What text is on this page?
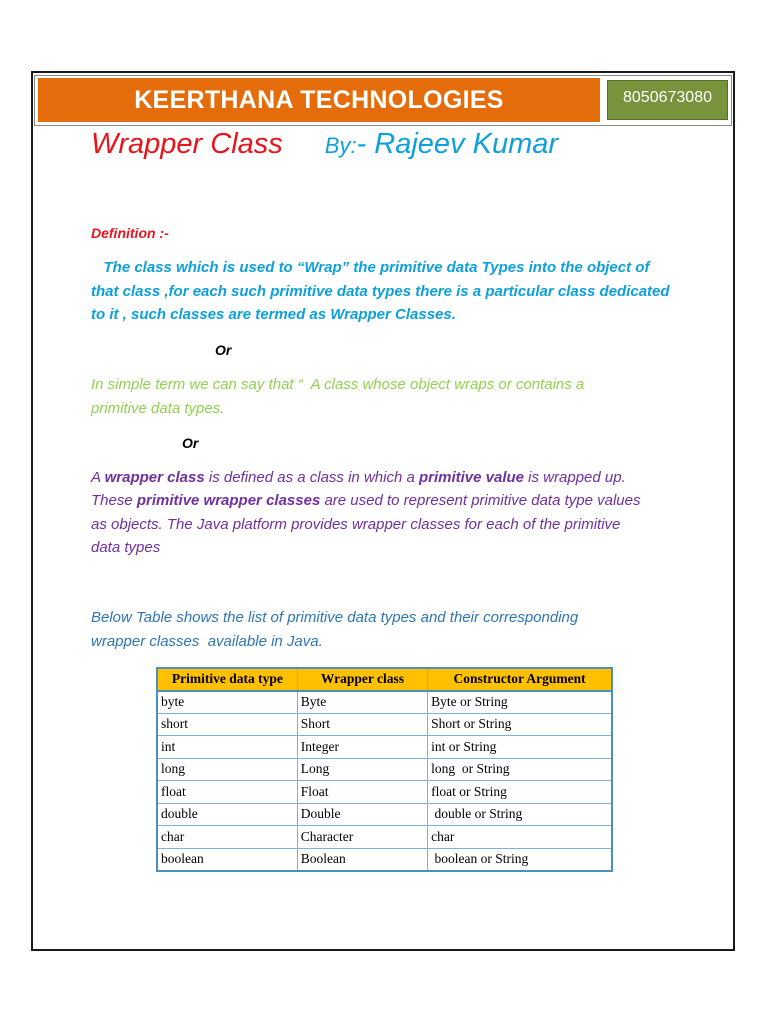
KEERTHANA TECHNOLOGIES	8050673080
Wrapper Class By:- Rajeev Kumar
Definition :-
The class which is used to “Wrap” the primitive data Types into the object of
that class ,for each such primitive data types there is a particular class dedicated
to it , such classes are termed as Wrapper Classes.
Or
In simple term we can say that “  A class whose object wraps or contains a
primitive data types.
Or
A wrapper class is defined as a class in which a primitive value is wrapped up.
These primitive wrapper classes are used to represent primitive data type values
as objects. The Java platform provides wrapper classes for each of the primitive
data types
Below Table shows the list of primitive data types and their corresponding
wrapper classes  available in Java.
Primitive data type	Wrapper class	Constructor Argument
byte	Byte	Byte or String
short	Short	Short or String
int	Integer	int or String
long	Long	long  or String
float	Float	float or String
double	Double	double or String
char	Character	char
boolean	Boolean	boolean or String
